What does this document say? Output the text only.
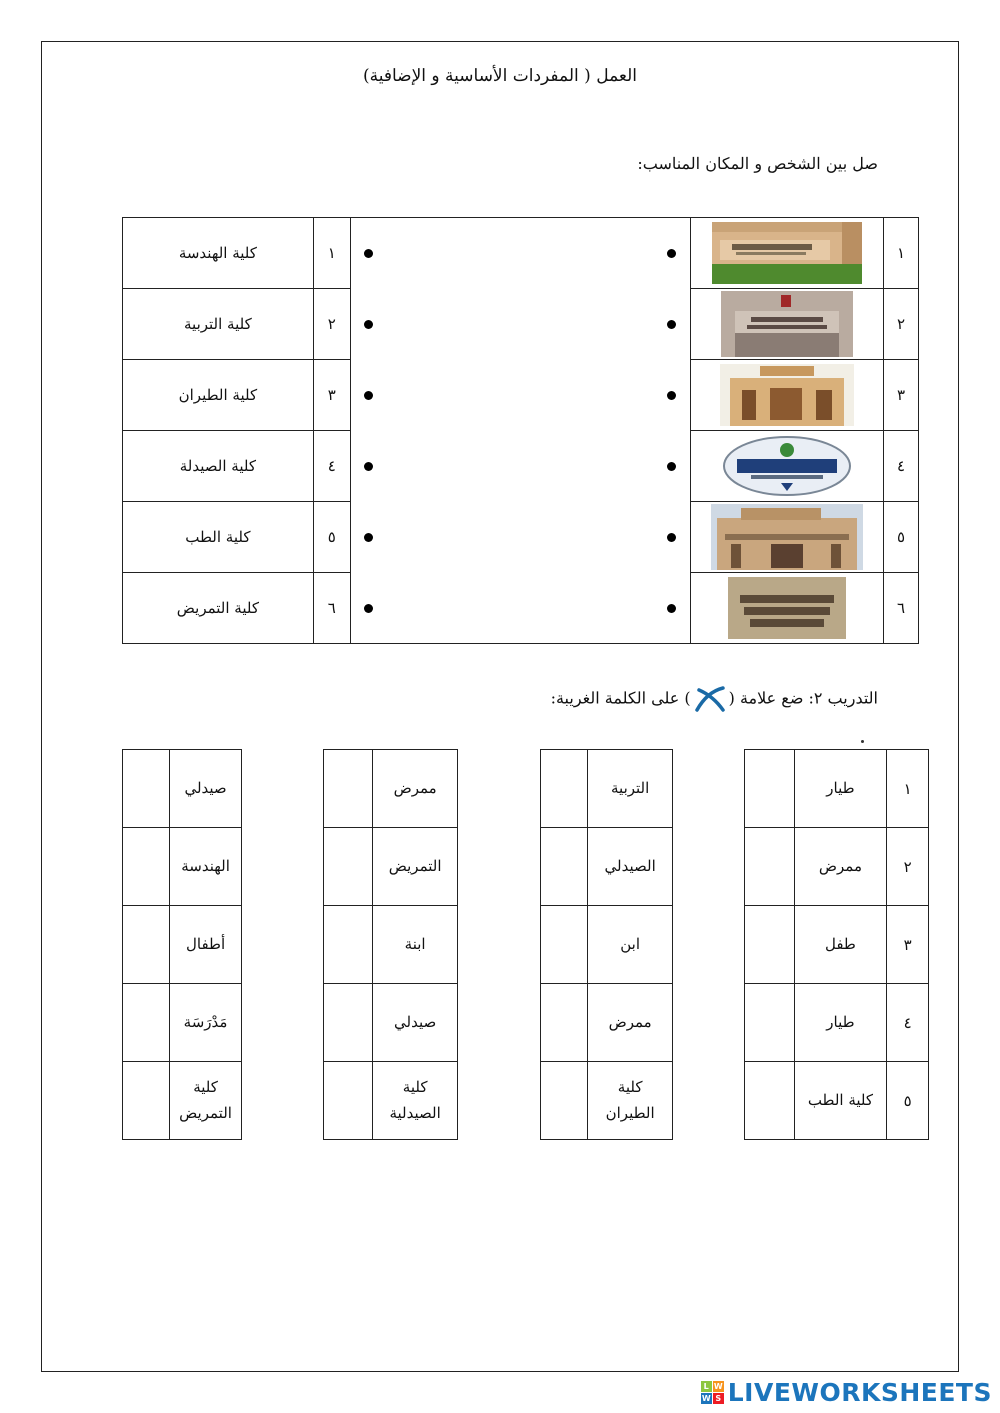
العمل ( المفردات الأساسية و الإضافية)
صل بين الشخص و المكان المناسب:
كلية الهندسة	١			١
كلية التربية	٢			٢
كلية الطيران	٣			٣
كلية الصيدلة	٤			٤
كلية الطب	٥			٥
كلية التمريض	٦			٦
التدريب ٢: ضع علامة () على الكلمة الغريبة:
	طيار	١
	ممرض	٢
	طفل	٣
	طيار	٤
	كلية الطب	٥
	التربية
	الصيدلي
	ابن
	ممرض
	كلية الطيران
	ممرض
	التمريض
	ابنة
	صيدلي
	كلية الصيدلية
	صيدلي
	الهندسة
	أطفال
	مَدْرَسَة
	كلية التمريض
L W
W S LIVEWORKSHEETS
